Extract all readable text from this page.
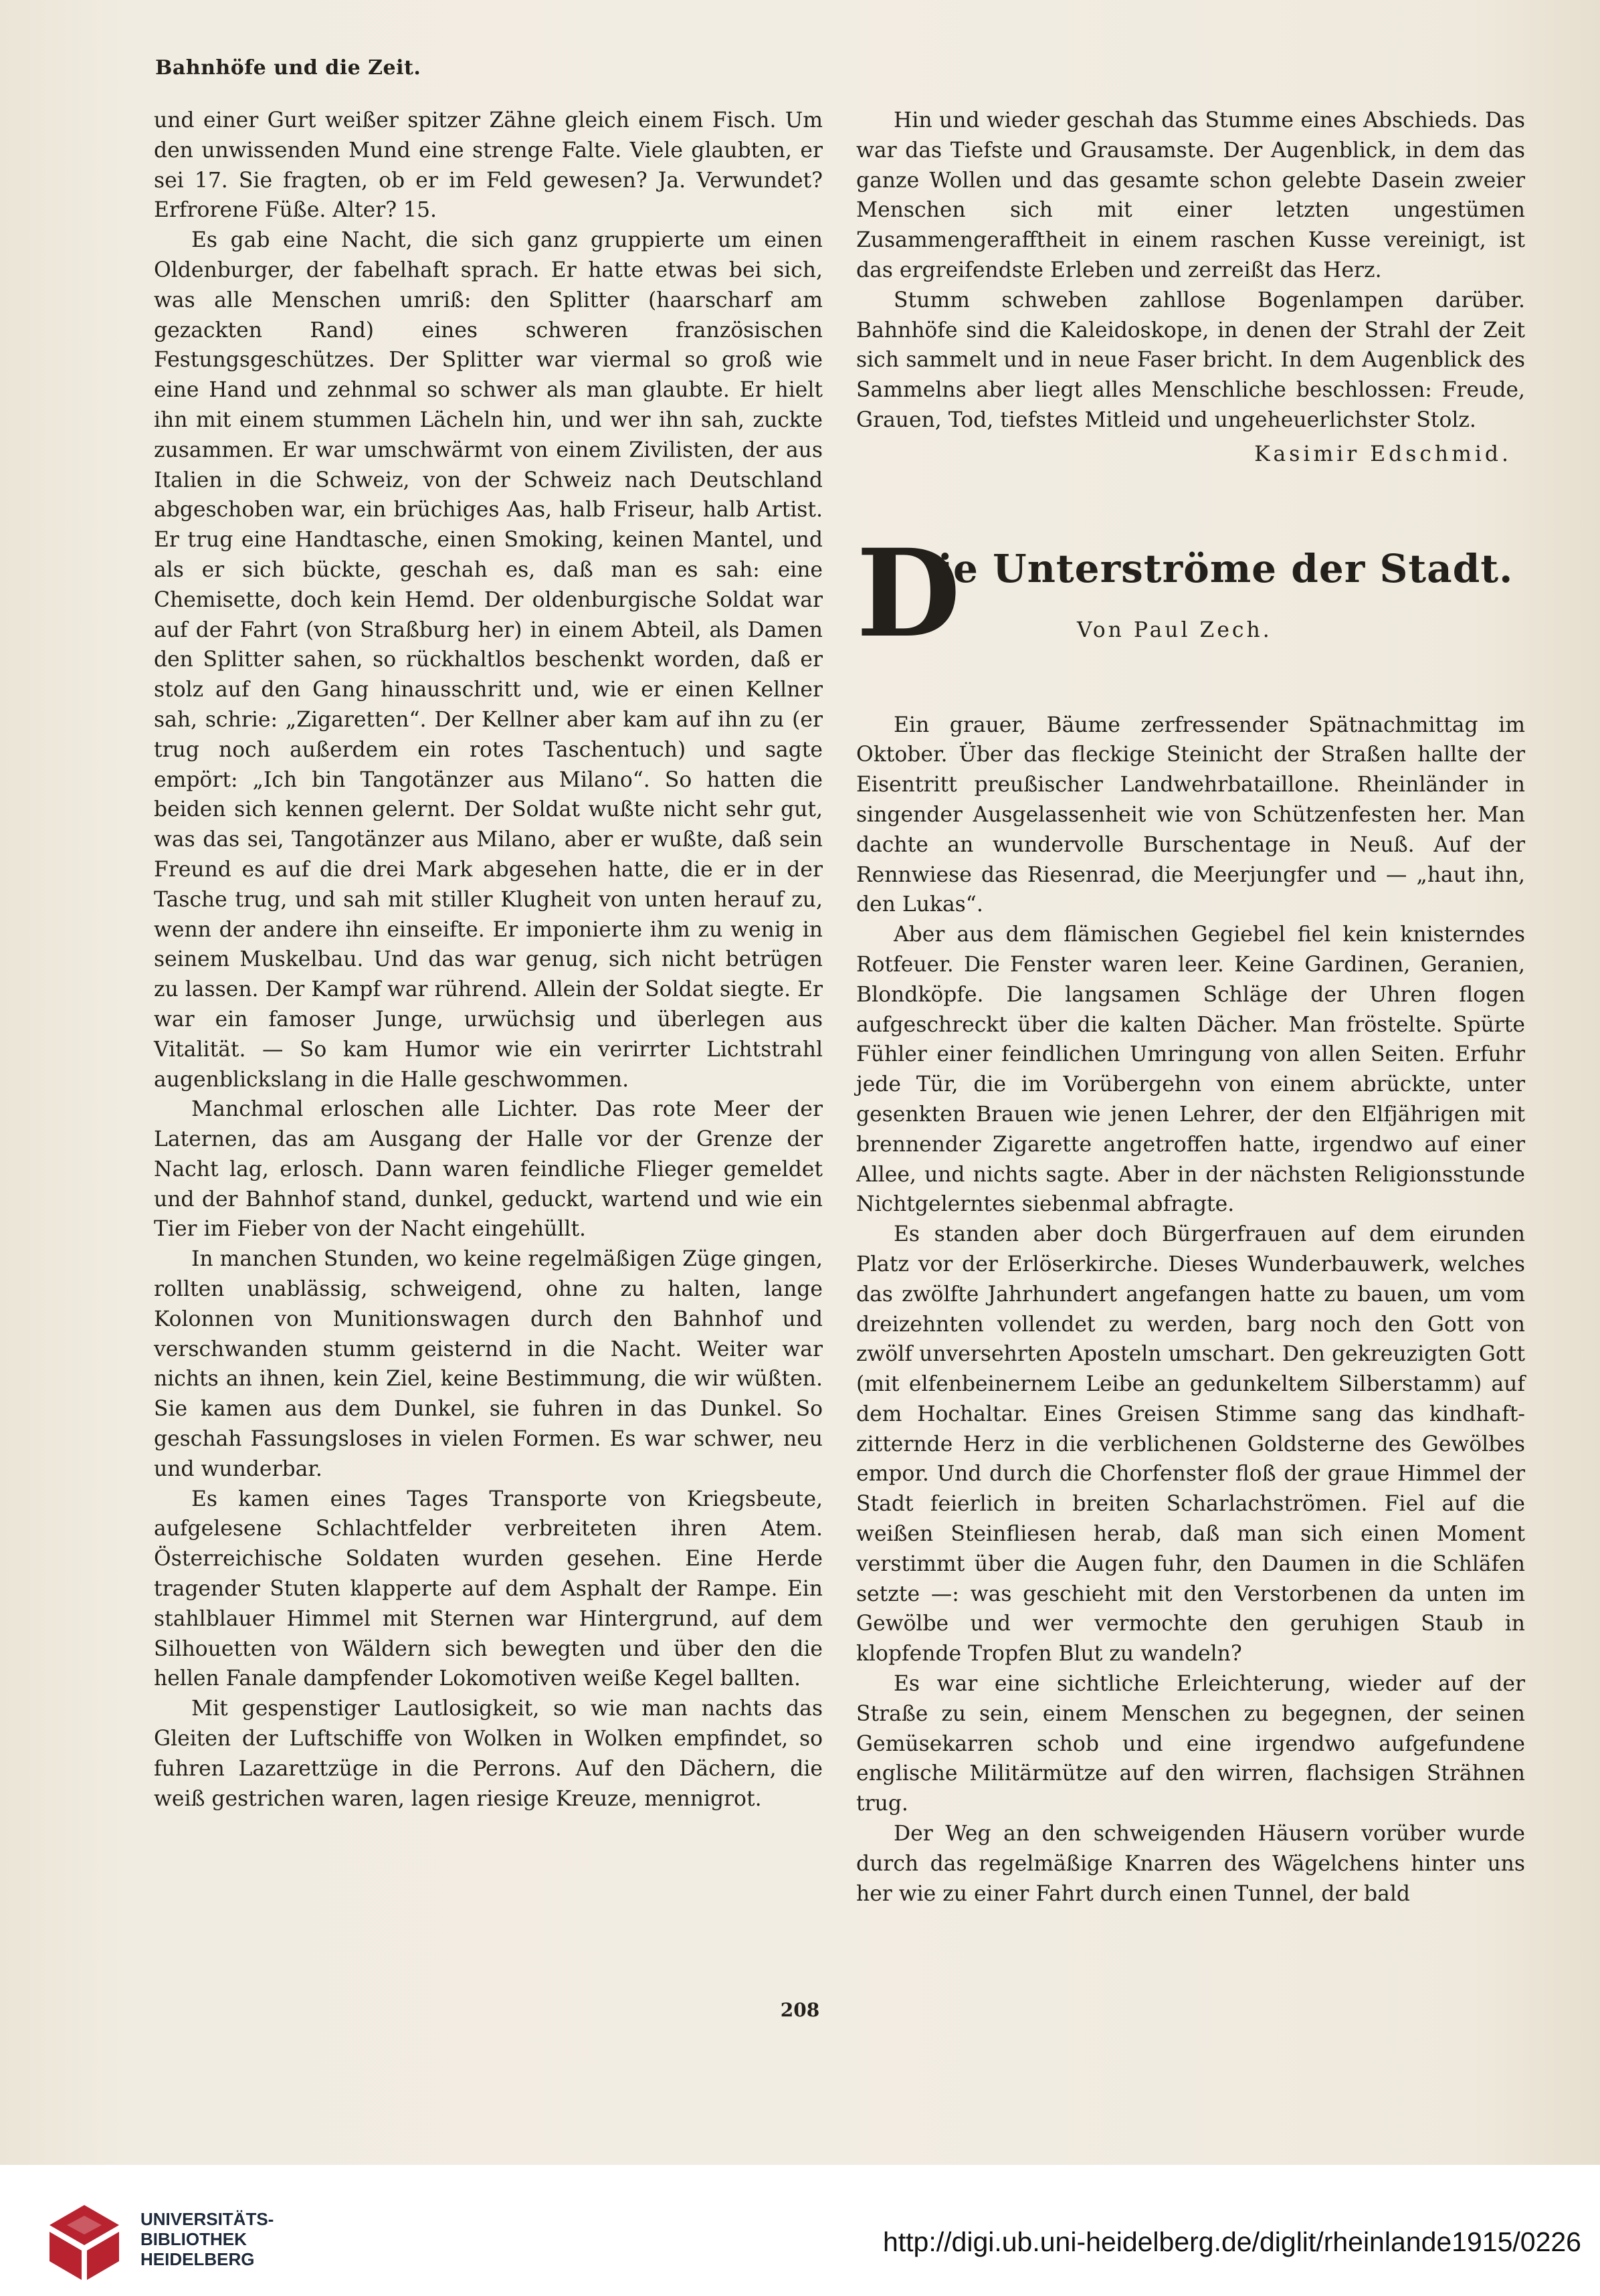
Bahnhöfe und die Zeit.

und einer Gurt weißer spitzer Zähne gleich einem Fisch. Um den unwissenden Mund eine strenge Falte. Viele glaubten, er sei 17. Sie fragten, ob er im Feld gewesen? Ja. Verwundet? Erfrorene Füße. Alter? 15.

Es gab eine Nacht, die sich ganz gruppierte um einen Oldenburger, der fabelhaft sprach. Er hatte etwas bei sich, was alle Menschen umriß: den Splitter (haarscharf am gezackten Rand) eines schweren französischen Festungsgeschützes. Der Splitter war viermal so groß wie eine Hand und zehnmal so schwer als man glaubte. Er hielt ihn mit einem stummen Lächeln hin, und wer ihn sah, zuckte zusammen. Er war umschwärmt von einem Zivilisten, der aus Italien in die Schweiz, von der Schweiz nach Deutschland abgeschoben war, ein brüchiges Aas, halb Friseur, halb Artist. Er trug eine Handtasche, einen Smoking, keinen Mantel, und als er sich bückte, geschah es, daß man es sah: eine Chemisette, doch kein Hemd. Der oldenburgische Soldat war auf der Fahrt (von Straßburg her) in einem Abteil, als Damen den Splitter sahen, so rückhaltlos beschenkt worden, daß er stolz auf den Gang hinausschritt und, wie er einen Kellner sah, schrie: „Zigaretten“. Der Kellner aber kam auf ihn zu (er trug noch außerdem ein rotes Taschentuch) und sagte empört: „Ich bin Tangotänzer aus Milano“. So hatten die beiden sich kennen gelernt. Der Soldat wußte nicht sehr gut, was das sei, Tangotänzer aus Milano, aber er wußte, daß sein Freund es auf die drei Mark abgesehen hatte, die er in der Tasche trug, und sah mit stiller Klugheit von unten herauf zu, wenn der andere ihn einseifte. Er imponierte ihm zu wenig in seinem Muskelbau. Und das war genug, sich nicht betrügen zu lassen. Der Kampf war rührend. Allein der Soldat siegte. Er war ein famoser Junge, urwüchsig und überlegen aus Vitalität. — So kam Humor wie ein verirrter Lichtstrahl augenblickslang in die Halle geschwommen.

Manchmal erloschen alle Lichter. Das rote Meer der Laternen, das am Ausgang der Halle vor der Grenze der Nacht lag, erlosch. Dann waren feindliche Flieger gemeldet und der Bahnhof stand, dunkel, geduckt, wartend und wie ein Tier im Fieber von der Nacht eingehüllt.

In manchen Stunden, wo keine regelmäßigen Züge gingen, rollten unablässig, schweigend, ohne zu halten, lange Kolonnen von Munitionswagen durch den Bahnhof und verschwanden stumm geisternd in die Nacht. Weiter war nichts an ihnen, kein Ziel, keine Bestimmung, die wir wüßten. Sie kamen aus dem Dunkel, sie fuhren in das Dunkel. So geschah Fassungsloses in vielen Formen. Es war schwer, neu und wunderbar.

Es kamen eines Tages Transporte von Kriegsbeute, aufgelesene Schlachtfelder verbreiteten ihren Atem. Österreichische Soldaten wurden gesehen. Eine Herde tragender Stuten klapperte auf dem Asphalt der Rampe. Ein stahlblauer Himmel mit Sternen war Hintergrund, auf dem Silhouetten von Wäldern sich bewegten und über den die hellen Fanale dampfender Lokomotiven weiße Kegel ballten.

Mit gespenstiger Lautlosigkeit, so wie man nachts das Gleiten der Luftschiffe von Wolken in Wolken empfindet, so fuhren Lazarettzüge in die Perrons. Auf den Dächern, die weiß gestrichen waren, lagen riesige Kreuze, mennigrot.

Hin und wieder geschah das Stumme eines Abschieds. Das war das Tiefste und Grausamste. Der Augenblick, in dem das ganze Wollen und das gesamte schon gelebte Dasein zweier Menschen sich mit einer letzten ungestümen Zusammengerafftheit in einem raschen Kusse vereinigt, ist das ergreifendste Erleben und zerreißt das Herz.

Stumm schweben zahllose Bogenlampen darüber. Bahnhöfe sind die Kaleidoskope, in denen der Strahl der Zeit sich sammelt und in neue Faser bricht. In dem Augenblick des Sammelns aber liegt alles Menschliche beschlossen: Freude, Grauen, Tod, tiefstes Mitleid und ungeheuerlichster Stolz.

Kasimir Edschmid.
D
ie Unterströme der Stadt.
Von Paul Zech.

Ein grauer, Bäume zerfressender Spätnachmittag im Oktober. Über das fleckige Steinicht der Straßen hallte der Eisentritt preußischer Landwehrbataillone. Rheinländer in singender Ausgelassenheit wie von Schützenfesten her. Man dachte an wundervolle Burschentage in Neuß. Auf der Rennwiese das Riesenrad, die Meerjungfer und — „haut ihn, den Lukas“.

Aber aus dem flämischen Gegiebel fiel kein knisterndes Rotfeuer. Die Fenster waren leer. Keine Gardinen, Geranien, Blondköpfe. Die langsamen Schläge der Uhren flogen aufgeschreckt über die kalten Dächer. Man fröstelte. Spürte Fühler einer feindlichen Umringung von allen Seiten. Erfuhr jede Tür, die im Vorübergehn von einem abrückte, unter gesenkten Brauen wie jenen Lehrer, der den Elfjährigen mit brennender Zigarette angetroffen hatte, irgendwo auf einer Allee, und nichts sagte. Aber in der nächsten Religionsstunde Nichtgelerntes siebenmal abfragte.

Es standen aber doch Bürgerfrauen auf dem eirunden Platz vor der Erlöserkirche. Dieses Wunderbauwerk, welches das zwölfte Jahrhundert angefangen hatte zu bauen, um vom dreizehnten vollendet zu werden, barg noch den Gott von zwölf unversehrten Aposteln umschart. Den gekreuzigten Gott (mit elfenbeinernem Leibe an gedunkeltem Silberstamm) auf dem Hochaltar. Eines Greisen Stimme sang das kindhaft-zitternde Herz in die verblichenen Goldsterne des Gewölbes empor. Und durch die Chorfenster floß der graue Himmel der Stadt feierlich in breiten Scharlachströmen. Fiel auf die weißen Steinfliesen herab, daß man sich einen Moment verstimmt über die Augen fuhr, den Daumen in die Schläfen setzte —: was geschieht mit den Verstorbenen da unten im Gewölbe und wer vermochte den geruhigen Staub in klopfende Tropfen Blut zu wandeln?

Es war eine sichtliche Erleichterung, wieder auf der Straße zu sein, einem Menschen zu begegnen, der seinen Gemüsekarren schob und eine irgendwo aufgefundene englische Militärmütze auf den wirren, flachsigen Strähnen trug.

Der Weg an den schweigenden Häusern vorüber wurde durch das regelmäßige Knarren des Wägelchens hinter uns her wie zu einer Fahrt durch einen Tunnel, der bald

208
UNIVERSITÄTS-
BIBLIOTHEK
HEIDELBERG
http://digi.ub.uni-heidelberg.de/diglit/rheinlande1915/0226
